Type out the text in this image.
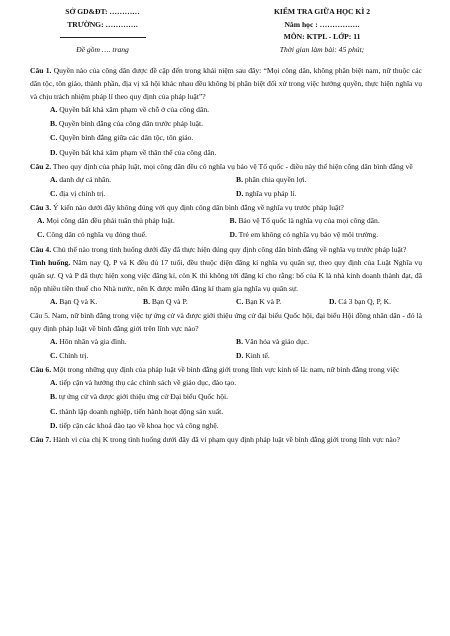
SỞ GD&ĐT: …………
TRƯỜNG: ………….
Đề gồm …. trang
KIỂM TRA GIỮA HỌC KÌ 2
Năm học : …………….
MÔN: KTPL - LỚP: 11
Thời gian làm bài: 45 phút;

Câu 1. Quyền nào của công dân được đề cập đến trong khái niệm sau đây: “Mọi công dân, không phân biệt nam, nữ thuộc các dân tộc, tôn giáo, thành phần, địa vị xã hội khác nhau đều không bị phân biệt đối xử trong việc hưởng quyền, thực hiện nghĩa vụ và chịu trách nhiệm pháp lí theo quy định của pháp luật”?

A. Quyền bất khả xâm phạm về chỗ ở của công dân.
B. Quyền bình đẳng của công dân trước pháp luật.
C. Quyền bình đẳng giữa các dân tộc, tôn giáo.
D. Quyền bất khả xâm phạm về thân thể của công dân.

Câu 2. Theo quy định của pháp luật, mọi công dân đều có nghĩa vụ bảo vệ Tổ quốc - điều này thể hiện công dân bình đẳng về

A. danh dự cá nhân.	B. phân chia quyền lợi.
C. địa vị chính trị.	D. nghĩa vụ pháp lí.

Câu 3. Ý kiến nào dưới đây không đúng với quy định công dân bình đẳng về nghĩa vụ trước pháp luật?

A. Mọi công dân đều phải tuân thủ pháp luật.	B. Bảo vệ Tổ quốc là nghĩa vụ của mọi công dân.
C. Công dân có nghĩa vụ đóng thuế.	D. Trẻ em không có nghĩa vụ bảo vệ môi trường.

Câu 4. Chủ thể nào trong tình huống dưới đây đã thực hiện đúng quy định công dân bình đẳng về nghĩa vụ trước pháp luật?

Tình huống. Năm nay Q, P và K đều đủ 17 tuổi, đều thuộc diện đăng kí nghĩa vụ quân sự, theo quy định của Luật Nghĩa vụ quân sự. Q và P đã thực hiện xong việc đăng kí, còn K thì không tới đăng kí cho rằng: bố của K là nhà kinh doanh thành đạt, đã nộp nhiều tiền thuế cho Nhà nước, nên K được miễn đăng kí tham gia nghĩa vụ quân sự.

A. Bạn Q và K.	B. Bạn Q và P.	C. Bạn K và P.	D. Cả 3 bạn Q, P, K.

Câu 5. Nam, nữ bình đẳng trong việc tự ứng cử và được giới thiệu ứng cử đại biểu Quốc hội, đại biểu Hội đồng nhân dân - đó là quy định pháp luật về bình đẳng giới trên lĩnh vực nào?

A. Hôn nhân và gia đình.	B. Văn hóa và giáo dục.
C. Chính trị.	D. Kinh tế.

Câu 6. Một trong những quy định của pháp luật về bình đẳng giới trong lĩnh vực kinh tế là: nam, nữ bình đẳng trong việc

A. tiếp cận và hưởng thụ các chính sách về giáo dục, đào tạo.
B. tự ứng cử và được giới thiệu ứng cử Đại biểu Quốc hội.
C. thành lập doanh nghiệp, tiến hành hoạt động sản xuất.
D. tiếp cận các khoá đào tạo về khoa học và công nghệ.

Câu 7. Hành vi của chị K trong tình huống dưới đây đã vi phạm quy định pháp luật về bình đẳng giới trong lĩnh vực nào?
